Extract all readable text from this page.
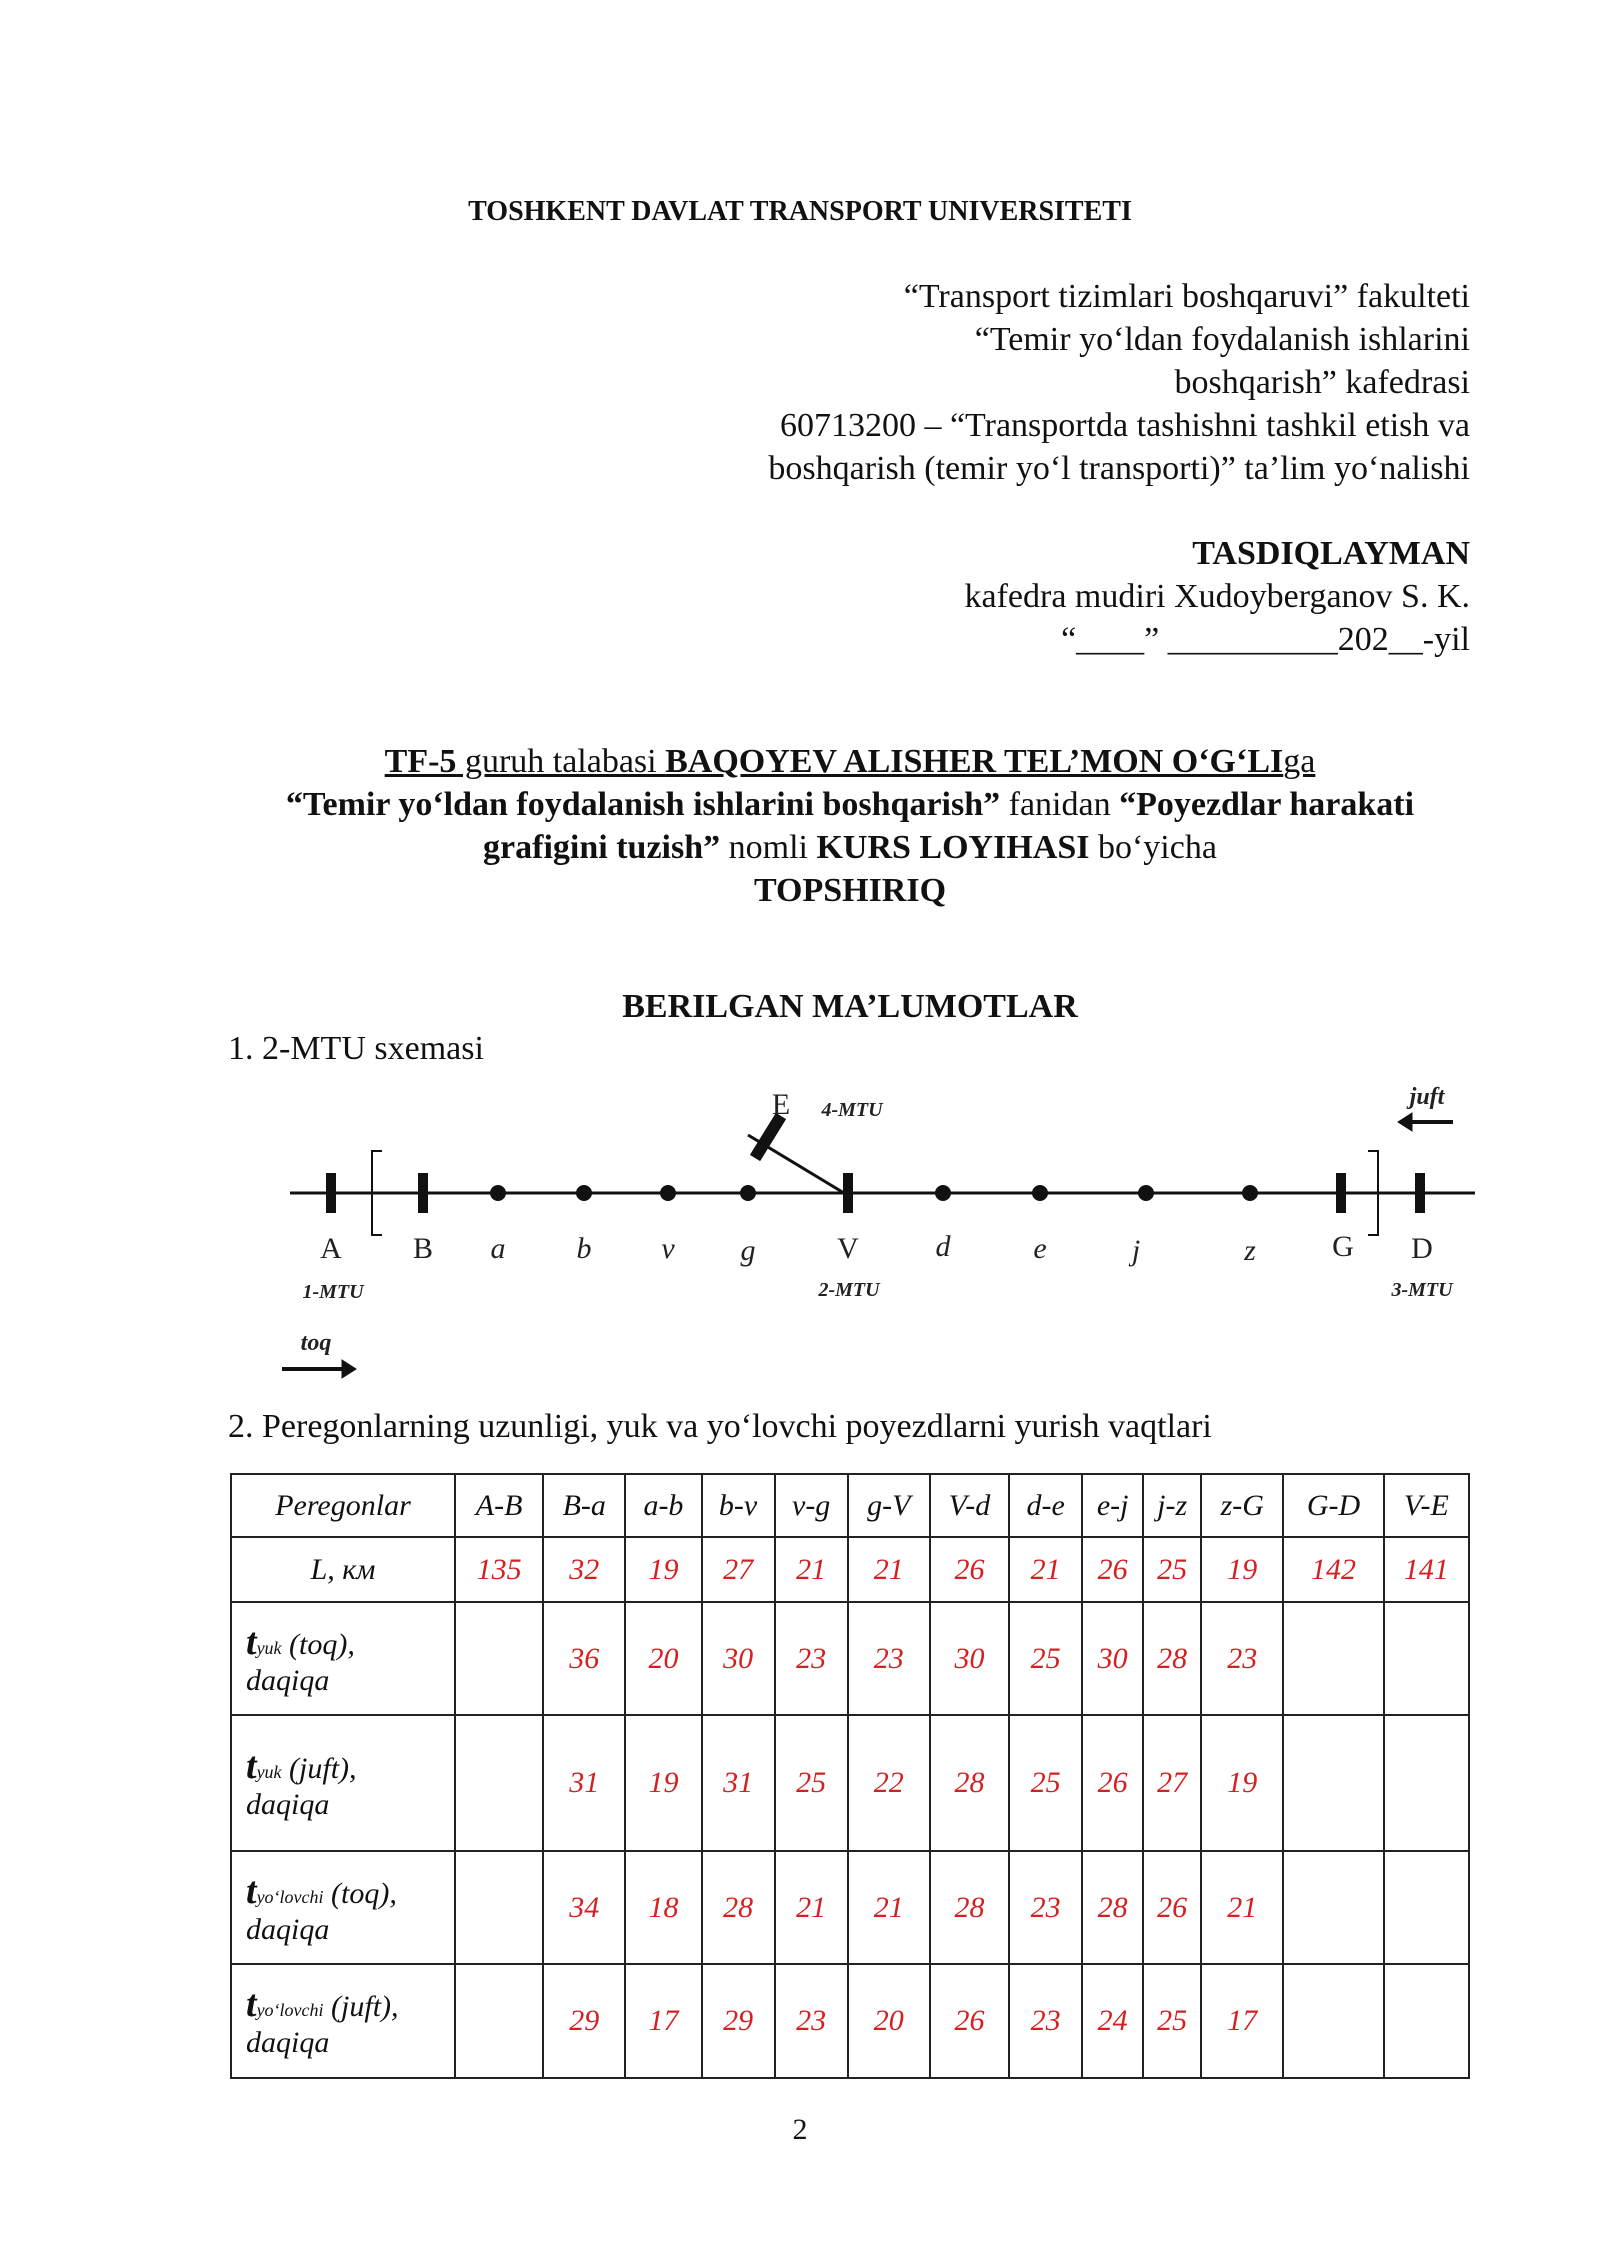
TOSHKENT DAVLAT TRANSPORT UNIVERSITETI
“Transport tizimlari boshqaruvi” fakulteti
“Temir yo‘ldan foydalanish ishlarini
boshqarish” kafedrasi
60713200 – “Transportda tashishni tashkil etish va
boshqarish (temir yo‘l transporti)” ta’lim yo‘nalishi
TASDIQLAYMAN
kafedra mudiri Xudoyberganov S. K.
“____” __________202__-yil
TF-5 guruh talabasi BAQOYEV ALISHER TEL’MON O‘G‘LIga
“Temir yo‘ldan foydalanish ishlarini boshqarish” fanidan “Poyezdlar harakati
grafigini tuzish” nomli KURS LOYIHASI bo‘yicha
TOPSHIRIQ
BERILGAN MA’LUMOTLAR
1. 2-MTU sxemasi
A B a b v g	V	d	e	j	z	G D
E
1-MTU	2-MTU	3-MTU
4-MTU	juft
toq
2. Peregonlarning uzunligi, yuk va yo‘lovchi poyezdlarni yurish vaqtlari
Peregonlar	A-B	B-a	a-b	b-v	v-g	g-V	V-d	d-e	e-j	j-z	z-G	G-D	V-E
L, км	135	32	19	27	21	21	26	21	26	25	19	142	141
tyuk (toq),
daqiqa		36	20	30	23	23	30	25	30	28	23		
tyuk (juft),
daqiqa		31	19	31	25	22	28	25	26	27	19		
tyo‘lovchi (toq),
daqiqa		34	18	28	21	21	28	23	28	26	21		
tyo‘lovchi (juft),
daqiqa		29	17	29	23	20	26	23	24	25	17		
2
